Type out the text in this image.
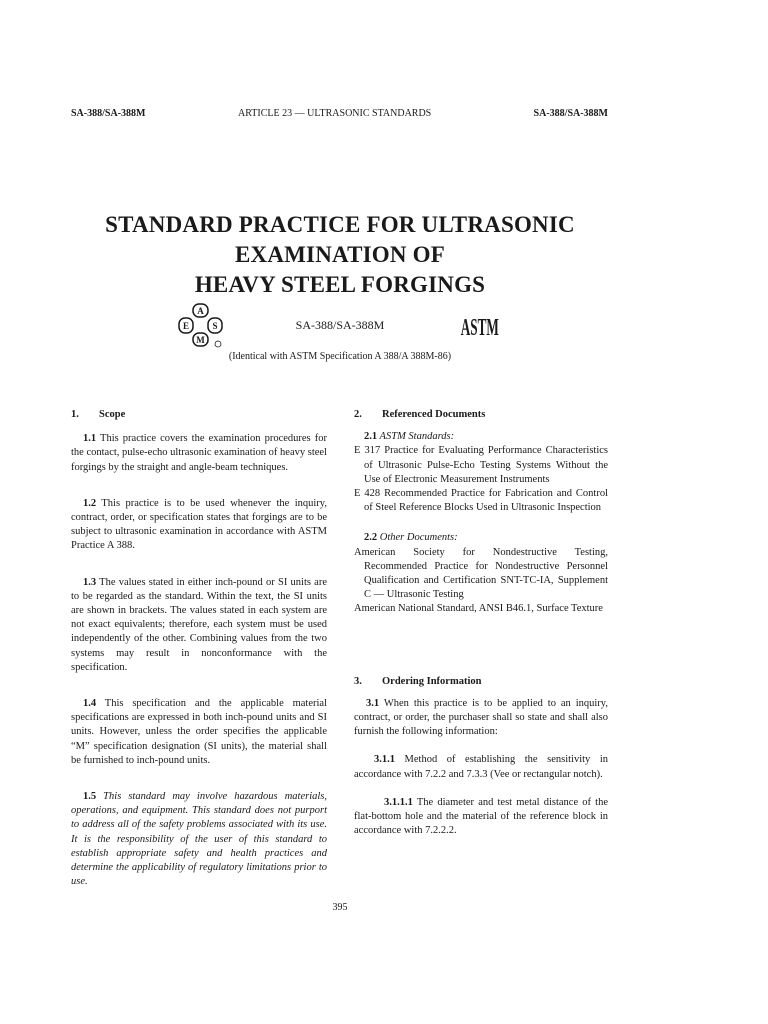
SA-388/SA-388M	ARTICLE 23 — ULTRASONIC STANDARDS	SA-388/SA-388M
STANDARD PRACTICE FOR ULTRASONIC
EXAMINATION OF
HEAVY STEEL FORGINGS
A
S
M
E	SA-388/SA-388M	ASTM
(Identical with ASTM Specification A 388/A 388M-86)
1. Scope

1.1 This practice covers the examination procedures for the contact, pulse-echo ultrasonic examination of heavy steel forgings by the straight and angle-beam techniques.

1.2 This practice is to be used whenever the inquiry, contract, order, or specification states that forgings are to be subject to ultrasonic examination in accordance with ASTM Practice A 388.

1.3 The values stated in either inch-pound or SI units are to be regarded as the standard. Within the text, the SI units are shown in brackets. The values stated in each system are not exact equivalents; therefore, each system must be used independently of the other. Combining values from the two systems may result in nonconformance with the specification.

1.4 This specification and the applicable material specifications are expressed in both inch-pound units and SI units. However, unless the order specifies the applicable “M” specification designation (SI units), the material shall be furnished to inch-pound units.

1.5 This standard may involve hazardous materials, operations, and equipment. This standard does not purport to address all of the safety problems associated with its use. It is the responsibility of the user of this standard to establish appropriate safety and health practices and determine the applicability of regulatory limitations prior to use.

2. Referenced Documents

2.1 ASTM Standards:

E 317 Practice for Evaluating Performance Characteristics of Ultrasonic Pulse-Echo Testing Systems Without the Use of Electronic Measurement Instruments

E 428 Recommended Practice for Fabrication and Control of Steel Reference Blocks Used in Ultrasonic Inspection

2.2 Other Documents:

American Society for Nondestructive Testing, Recommended Practice for Nondestructive Personnel Qualification and Certification SNT-TC-IA, Supplement C — Ultrasonic Testing

American National Standard, ANSI B46.1, Surface Texture

3. Ordering Information

3.1 When this practice is to be applied to an inquiry, contract, or order, the purchaser shall so state and shall also furnish the following information:

3.1.1 Method of establishing the sensitivity in accordance with 7.2.2 and 7.3.3 (Vee or rectangular notch).

3.1.1.1 The diameter and test metal distance of the flat-bottom hole and the material of the reference block in accordance with 7.2.2.2.

395
